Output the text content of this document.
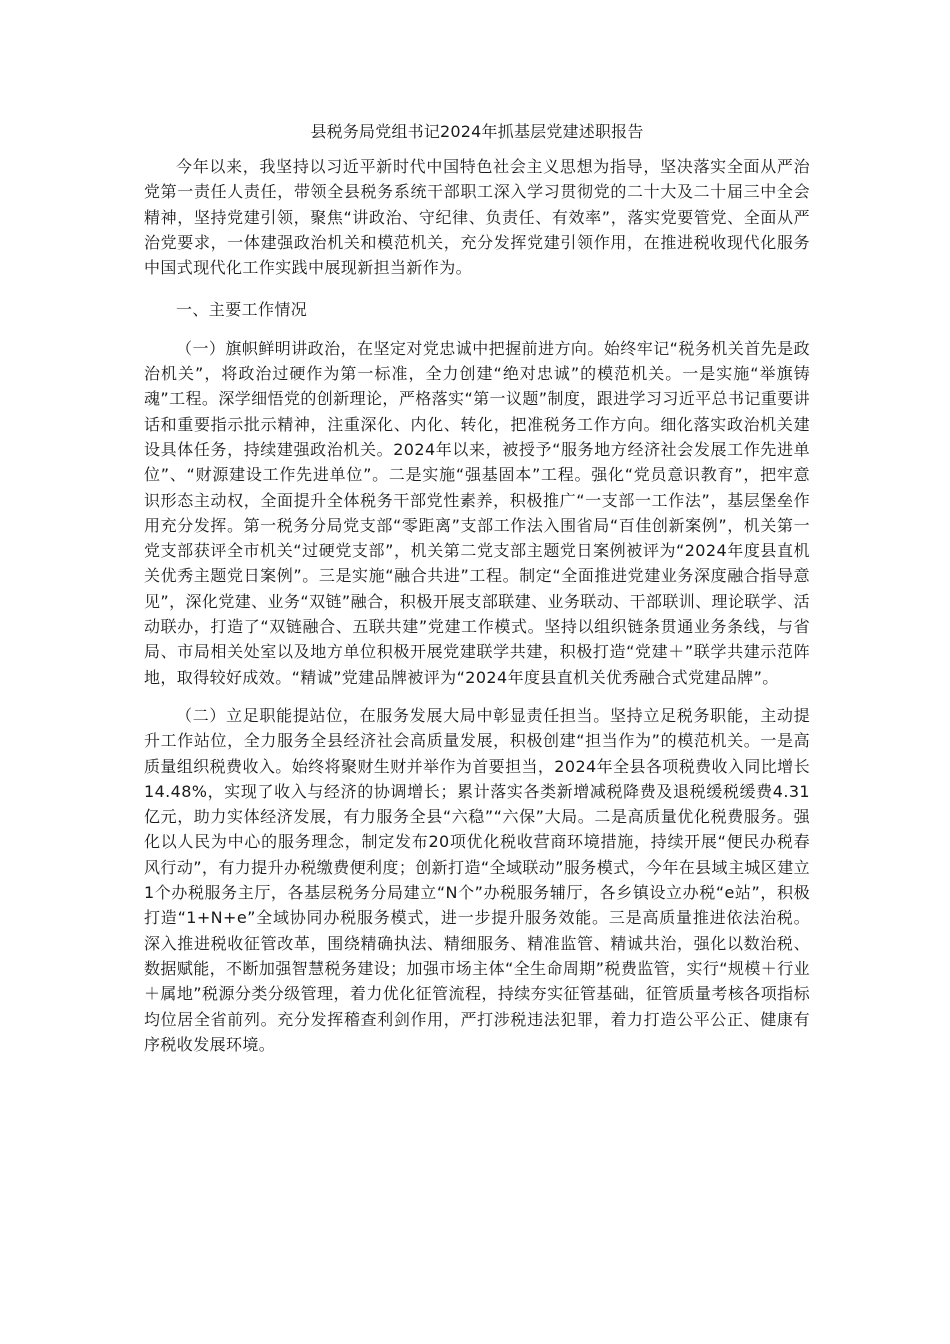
县税务局党组书记2024年抓基层党建述职报告

今年以来，我坚持以习近平新时代中国特色社会主义思想为指导，坚决落实全面从严治党第一责任人责任，带领全县税务系统干部职工深入学习贯彻党的二十大及二十届三中全会精神，坚持党建引领，聚焦“讲政治、守纪律、负责任、有效率”，落实党要管党、全面从严治党要求，一体建强政治机关和模范机关，充分发挥党建引领作用，在推进税收现代化服务中国式现代化工作实践中展现新担当新作为。

一、主要工作情况

（一）旗帜鲜明讲政治，在坚定对党忠诚中把握前进方向。始终牢记“税务机关首先是政治机关”，将政治过硬作为第一标准，全力创建“绝对忠诚”的模范机关。一是实施“举旗铸魂”工程。深学细悟党的创新理论，严格落实“第一议题”制度，跟进学习习近平总书记重要讲话和重要指示批示精神，注重深化、内化、转化，把准税务工作方向。细化落实政治机关建设具体任务，持续建强政治机关。2024年以来，被授予“服务地方经济社会发展工作先进单位”、“财源建设工作先进单位”。二是实施“强基固本”工程。强化“党员意识教育”，把牢意识形态主动权，全面提升全体税务干部党性素养，积极推广“一支部一工作法”，基层堡垒作用充分发挥。第一税务分局党支部“零距离”支部工作法入围省局“百佳创新案例”，机关第一党支部获评全市机关“过硬党支部”，机关第二党支部主题党日案例被评为“2024年度县直机关优秀主题党日案例”。三是实施“融合共进”工程。制定“全面推进党建业务深度融合指导意见”，深化党建、业务“双链”融合，积极开展支部联建、业务联动、干部联训、理论联学、活动联办，打造了“双链融合、五联共建”党建工作模式。坚持以组织链条贯通业务条线，与省局、市局相关处室以及地方单位积极开展党建联学共建，积极打造“党建＋”联学共建示范阵地，取得较好成效。“精诚”党建品牌被评为“2024年度县直机关优秀融合式党建品牌”。

（二）立足职能提站位，在服务发展大局中彰显责任担当。坚持立足税务职能，主动提升工作站位，全力服务全县经济社会高质量发展，积极创建“担当作为”的模范机关。一是高质量组织税费收入。始终将聚财生财并举作为首要担当，2024年全县各项税费收入同比增长14.48%，实现了收入与经济的协调增长；累计落实各类新增减税降费及退税缓税缓费4.31亿元，助力实体经济发展，有力服务全县“六稳”“六保”大局。二是高质量优化税费服务。强化以人民为中心的服务理念，制定发布20项优化税收营商环境措施，持续开展“便民办税春风行动”，有力提升办税缴费便利度；创新打造“全域联动”服务模式，今年在县域主城区建立1个办税服务主厅，各基层税务分局建立“N个”办税服务辅厅，各乡镇设立办税“e站”，积极打造“1+N+e”全域协同办税服务模式，进一步提升服务效能。三是高质量推进依法治税。深入推进税收征管改革，围绕精确执法、精细服务、精准监管、精诚共治，强化以数治税、数据赋能，不断加强智慧税务建设；加强市场主体“全生命周期”税费监管，实行“规模＋行业＋属地”税源分类分级管理，着力优化征管流程，持续夯实征管基础，征管质量考核各项指标均位居全省前列。充分发挥稽查利剑作用，严打涉税违法犯罪，着力打造公平公正、健康有序税收发展环境。
